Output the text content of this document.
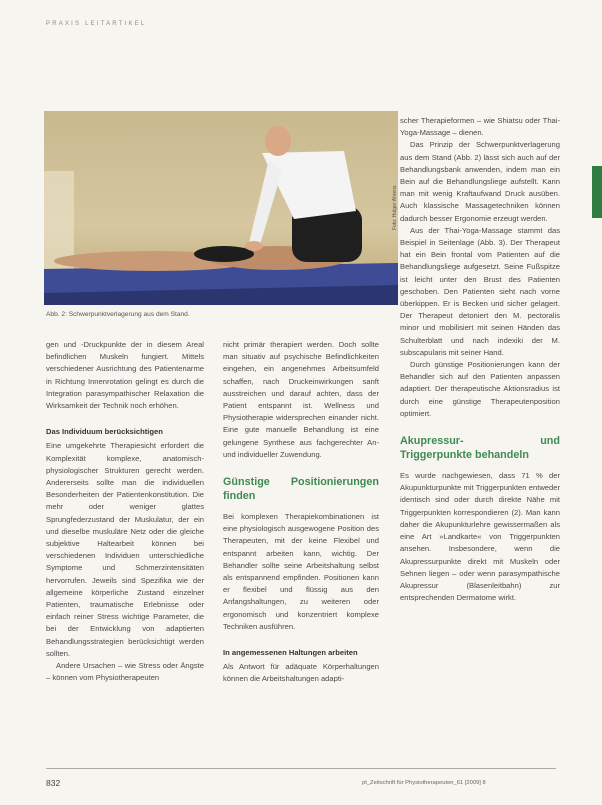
PRAXIS LEITARTIKEL
Foto: Holger Ahrens
Abb. 2: Schwerpunktverlagerung aus dem Stand.

gen und -Druckpunkte der in diesem Areal befindlichen Muskeln fungiert. Mittels verschiedener Ausrichtung des Patientenarme in Richtung Innenrotation gelingt es durch die Integration parasympathischer Relaxation die Wirksamkeit der Technik noch erhöhen.

Das Individuum berücksichtigen

Eine umgekehrte Therapiesicht erfordert die Komplexität komplexe, anatomisch-physiologischer Strukturen gerecht werden. Andererseits sollte man die individuellen Besonderheiten der Patientenkonstitution. Die mehr oder weniger glattes Sprungfederzustand der Muskulatur, der ein und dieselbe muskuläre Netz oder die gleiche subjektive Haltearbeit können bei verschiedenen Individuen unterschiedliche Symptome und Schmerzintensitäten hervorrufen. Jeweils sind Spezifika wie der allgemeine körperliche Zustand einzelner Patienten, traumatische Erlebnisse oder einfach reiner Stress wichtige Parameter, die bei der Entwicklung von adaptierten Behandlungsstrategien berücksichtigt werden sollten.

Andere Ursachen – wie Stress oder Ängste – können vom Physiotherapeuten

nicht primär therapiert werden. Doch sollte man situativ auf psychische Befindlichkeiten eingehen, ein angenehmes Arbeitsumfeld schaffen, nach Druckeinwirkungen sanft ausstreichen und darauf achten, dass der Patient entspannt ist. Wellness und Physiotherapie widersprechen einander nicht. Eine gute manuelle Behandlung ist eine gelungene Synthese aus fachgerechter An- und individueller Zuwendung.

Günstige Positionierungen finden

Bei komplexen Therapiekombinationen ist eine physiologisch ausgewogene Position des Therapeuten, mit der keine Flexibel und entspannt arbeiten kann, wichtig. Der Behandler sollte seine Arbeitshaltung selbst als entspannend empfinden. Positionen kann er flexibel und flüssig aus den Anfangshaltungen, zu weiteren oder ergonomisch und konzentriert komplexe Techniken ausführen.

In angemessenen Haltungen arbeiten

Als Antwort für adäquate Körperhaltungen können die Arbeitshaltungen adapti-

scher Therapieformen – wie Shiatsu oder Thai-Yoga-Massage – dienen.

Das Prinzip der Schwerpunktverlagerung aus dem Stand (Abb. 2) lässt sich auch auf der Behandlungsbank anwenden, indem man ein Bein auf die Behandlungsliege aufstellt. Kann man mit wenig Kraftaufwand Druck ausüben. Auch klassische Massagetechniken können dadurch besser Ergonomie erzeugt werden.

Aus der Thai-Yoga-Massage stammt das Beispiel in Seitenlage (Abb. 3). Der Therapeut hat ein Bein frontal vom Patienten auf die Behandlungsliege aufgesetzt. Seine Fußspitze ist leicht unter den Brust des Patienten geschoben. Den Patienten sieht nach vorne überkippen. Er is Becken und sicher gelagert. Der Therapeut detoniert den M. pectoralis minor und mobilisiert mit seinen Händen das Schulterblatt und nach indexiki der M. subscapularis mit seiner Hand.

Durch günstige Positionierungen kann der Behandler sich auf den Patienten anpassen adaptiert. Der therapeutische Aktionsradius ist durch eine günstige Therapeutenposition optimiert.

Akupressur- und Triggerpunkte behandeln

Es wurde nachgewiesen, dass 71 % der Akupunkturpunkte mit Triggerpunkten entweder identisch sind oder durch direkte Nähe mit Triggerpunkten korrespondieren (2). Man kann daher die Akupunkturlehre gewissermaßen als eine Art »Landkarte« von Triggerpunkten ansehen. Insbesondere, wenn die Akupressurpunkte direkt mit Muskeln oder Sehnen liegen – oder wenn parasympathische Akupressur (Blasenleitbahn) zur entsprechenden Dermatome wirkt.

832	pt_Zeitschrift für Physiotherapeuten_61 [2009] 8
